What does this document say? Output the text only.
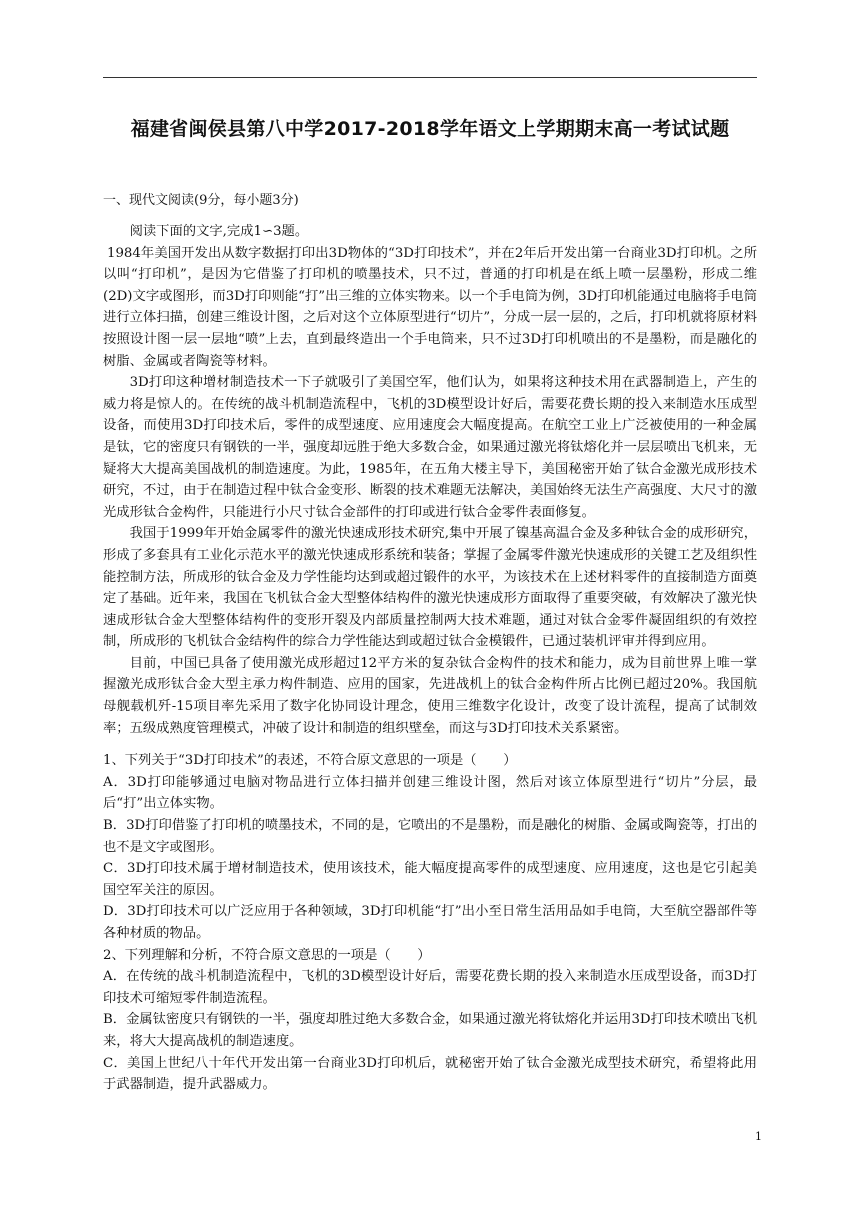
福建省闽侯县第八中学2017-2018学年语文上学期期末高一考试试题
一、现代文阅读(9分，每小题3分)

阅读下面的文字,完成1∽3题。

1984年美国开发出从数字数据打印出3D物体的“3D打印技术”，并在2年后开发出第一台商业3D打印机。之所以叫“打印机”，是因为它借鉴了打印机的喷墨技术，只不过，普通的打印机是在纸上喷一层墨粉，形成二维(2D)文字或图形，而3D打印则能“打”出三维的立体实物来。以一个手电筒为例，3D打印机能通过电脑将手电筒进行立体扫描，创建三维设计图，之后对这个立体原型进行“切片”，分成一层一层的，之后，打印机就将原材料按照设计图一层一层地“喷”上去，直到最终造出一个手电筒来，只不过3D打印机喷出的不是墨粉，而是融化的树脂、金属或者陶瓷等材料。

3D打印这种增材制造技术一下子就吸引了美国空军，他们认为，如果将这种技术用在武器制造上，产生的威力将是惊人的。在传统的战斗机制造流程中，飞机的3D模型设计好后，需要花费长期的投入来制造水压成型设备，而使用3D打印技术后，零件的成型速度、应用速度会大幅度提高。在航空工业上广泛被使用的一种金属是钛，它的密度只有钢铁的一半，强度却远胜于绝大多数合金，如果通过激光将钛熔化并一层层喷出飞机来，无疑将大大提高美国战机的制造速度。为此，1985年，在五角大楼主导下，美国秘密开始了钛合金激光成形技术研究，不过，由于在制造过程中钛合金变形、断裂的技术难题无法解决，美国始终无法生产高强度、大尺寸的激光成形钛合金构件，只能进行小尺寸钛合金部件的打印或进行钛合金零件表面修复。

我国于1999年开始金属零件的激光快速成形技术研究,集中开展了镍基高温合金及多种钛合金的成形研究，形成了多套具有工业化示范水平的激光快速成形系统和装备；掌握了金属零件激光快速成形的关键工艺及组织性能控制方法，所成形的钛合金及力学性能均达到或超过锻件的水平，为该技术在上述材料零件的直接制造方面奠定了基础。近年来，我国在飞机钛合金大型整体结构件的激光快速成形方面取得了重要突破，有效解决了激光快速成形钛合金大型整体结构件的变形开裂及内部质量控制两大技术难题，通过对钛合金零件凝固组织的有效控制，所成形的飞机钛合金结构件的综合力学性能达到或超过钛合金模锻件，已通过装机评审并得到应用。

目前，中国已具备了使用激光成形超过12平方米的复杂钛合金构件的技术和能力，成为目前世界上唯一掌握激光成形钛合金大型主承力构件制造、应用的国家，先进战机上的钛合金构件所占比例已超过20%。我国航母舰载机歼-15项目率先采用了数字化协同设计理念，使用三维数字化设计，改变了设计流程，提高了试制效率；五级成熟度管理模式，冲破了设计和制造的组织壁垒，而这与3D打印技术关系紧密。

1、下列关于“3D打印技术”的表述，不符合原文意思的一项是（　　）

A．3D打印能够通过电脑对物品进行立体扫描并创建三维设计图，然后对该立体原型进行“切片”分层，最后“打”出立体实物。

B．3D打印借鉴了打印机的喷墨技术，不同的是，它喷出的不是墨粉，而是融化的树脂、金属或陶瓷等，打出的也不是文字或图形。

C．3D打印技术属于增材制造技术，使用该技术，能大幅度提高零件的成型速度、应用速度，这也是它引起美国空军关注的原因。

D．3D打印技术可以广泛应用于各种领域，3D打印机能“打”出小至日常生活用品如手电筒，大至航空器部件等各种材质的物品。

2、下列理解和分析，不符合原文意思的一项是（　　）

A．在传统的战斗机制造流程中，飞机的3D模型设计好后，需要花费长期的投入来制造水压成型设备，而3D打印技术可缩短零件制造流程。

B．金属钛密度只有钢铁的一半，强度却胜过绝大多数合金，如果通过激光将钛熔化并运用3D打印技术喷出飞机来，将大大提高战机的制造速度。

C．美国上世纪八十年代开发出第一台商业3D打印机后，就秘密开始了钛合金激光成型技术研究，希望将此用于武器制造，提升武器威力。

1
